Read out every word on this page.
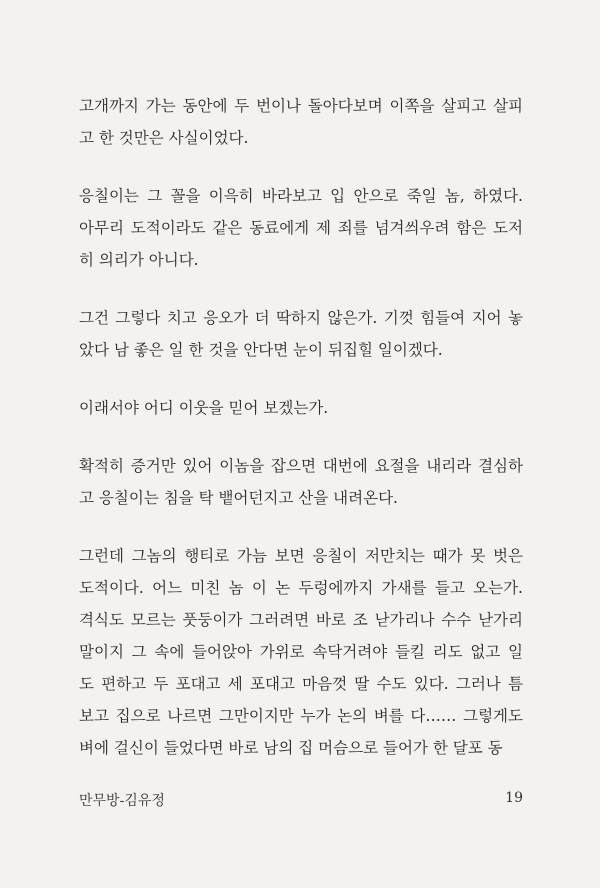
고개까지 가는 동안에 두 번이나 돌아다보며 이쪽을 살피고 살피
고 한 것만은 사실이었다.
응칠이는 그 꼴을 이윽히 바라보고 입 안으로 죽일 놈, 하였다.
아무리 도적이라도 같은 동료에게 제 죄를 넘겨씌우려 함은 도저
히 의리가 아니다.
그건 그렇다 치고 응오가 더 딱하지 않은가. 기껏 힘들여 지어 놓
았다 남 좋은 일 한 것을 안다면 눈이 뒤집힐 일이겠다.
이래서야 어디 이웃을 믿어 보겠는가.
확적히 증거만 있어 이놈을 잡으면 대번에 요절을 내리라 결심하
고 응칠이는 침을 탁 뱉어던지고 산을 내려온다.
그런데 그놈의 행티로 가늠 보면 응칠이 저만치는 때가 못 벗은
도적이다. 어느 미친 놈 이 논 두렁에까지 가새를 들고 오는가.
격식도 모르는 풋둥이가 그러려면 바로 조 낟가리나 수수 낟가리
말이지 그 속에 들어앉아 가위로 속닥거려야 들킬 리도 없고 일
도 편하고 두 포대고 세 포대고 마음껏 딸 수도 있다. 그러나 틈
보고 집으로 나르면 그만이지만 누가 논의 벼를 다…… 그렇게도
벼에 걸신이 들었다면 바로 남의 집 머슴으로 들어가 한 달포 동
만무방-김유정	19
